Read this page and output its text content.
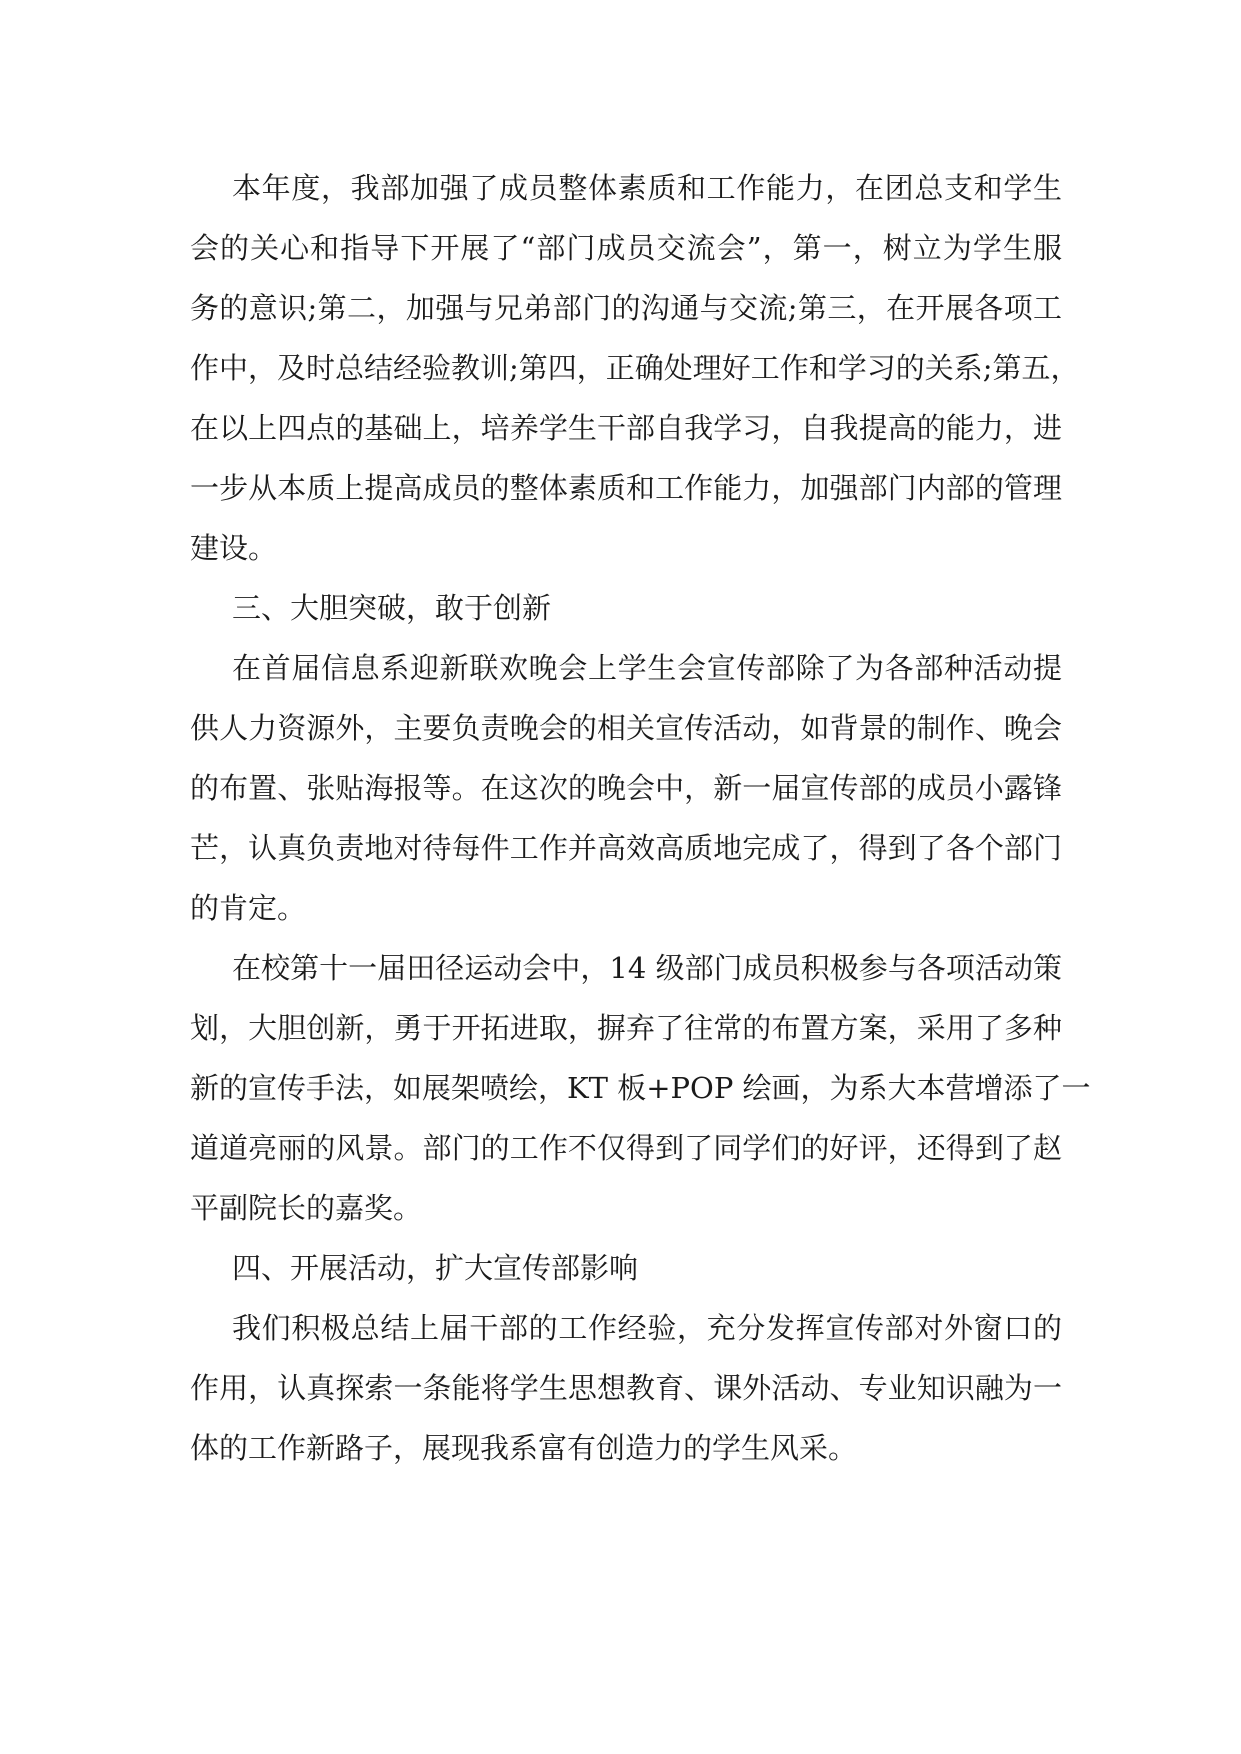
本年度，我部加强了成员整体素质和工作能力，在团总支和学生
会的关心和指导下开展了“部门成员交流会”，第一，树立为学生服
务的意识;第二，加强与兄弟部门的沟通与交流;第三，在开展各项工
作中，及时总结经验教训;第四，正确处理好工作和学习的关系;第五，
在以上四点的基础上，培养学生干部自我学习，自我提高的能力，进
一步从本质上提高成员的整体素质和工作能力，加强部门内部的管理
建设。
三、大胆突破，敢于创新
在首届信息系迎新联欢晚会上学生会宣传部除了为各部种活动提
供人力资源外，主要负责晚会的相关宣传活动，如背景的制作、晚会
的布置、张贴海报等。在这次的晚会中，新一届宣传部的成员小露锋
芒，认真负责地对待每件工作并高效高质地完成了，得到了各个部门
的肯定。
在校第十一届田径运动会中，14 级部门成员积极参与各项活动策
划，大胆创新，勇于开拓进取，摒弃了往常的布置方案，采用了多种
新的宣传手法，如展架喷绘，KT 板+POP 绘画，为系大本营增添了一
道道亮丽的风景。部门的工作不仅得到了同学们的好评，还得到了赵
平副院长的嘉奖。
四、开展活动，扩大宣传部影响
我们积极总结上届干部的工作经验，充分发挥宣传部对外窗口的
作用，认真探索一条能将学生思想教育、课外活动、专业知识融为一
体的工作新路子，展现我系富有创造力的学生风采。
